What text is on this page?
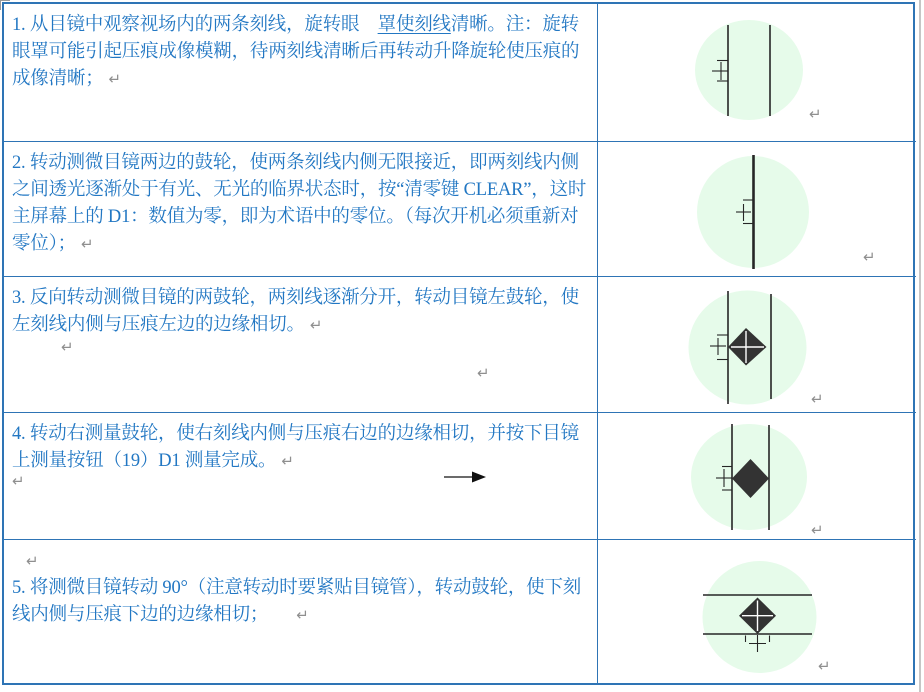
1. 从目镜中观察视场内的两条刻线，旋转眼　罩使刻线清晰。注：旋转眼罩可能引起压痕成像模糊，待两刻线清晰后再转动升降旋轮使压痕的成像清晰； ↵

↵

2. 转动测微目镜两边的鼓轮，使两条刻线内侧无限接近，即两刻线内侧之间透光逐渐处于有光、无光的临界状态时，按“清零键 CLEAR”，这时主屏幕上的 D1：数值为零，即为术语中的零位。（每次开机必须重新对零位）； ↵

↵

3. 反向转动测微目镜的两鼓轮，两刻线逐渐分开，转动目镜左鼓轮，使左刻线内侧与压痕左边的边缘相切。 ↵

↵
↵
↵

4. 转动右测量鼓轮，使右刻线内侧与压痕右边的边缘相切，并按下目镜上测量按钮（19）D1 测量完成。 ↵

↵
↵
↵

5. 将测微目镜转动 90°（注意转动时要紧贴目镜管），转动鼓轮，使下刻线内侧与压痕下边的边缘相切； ↵

↵
